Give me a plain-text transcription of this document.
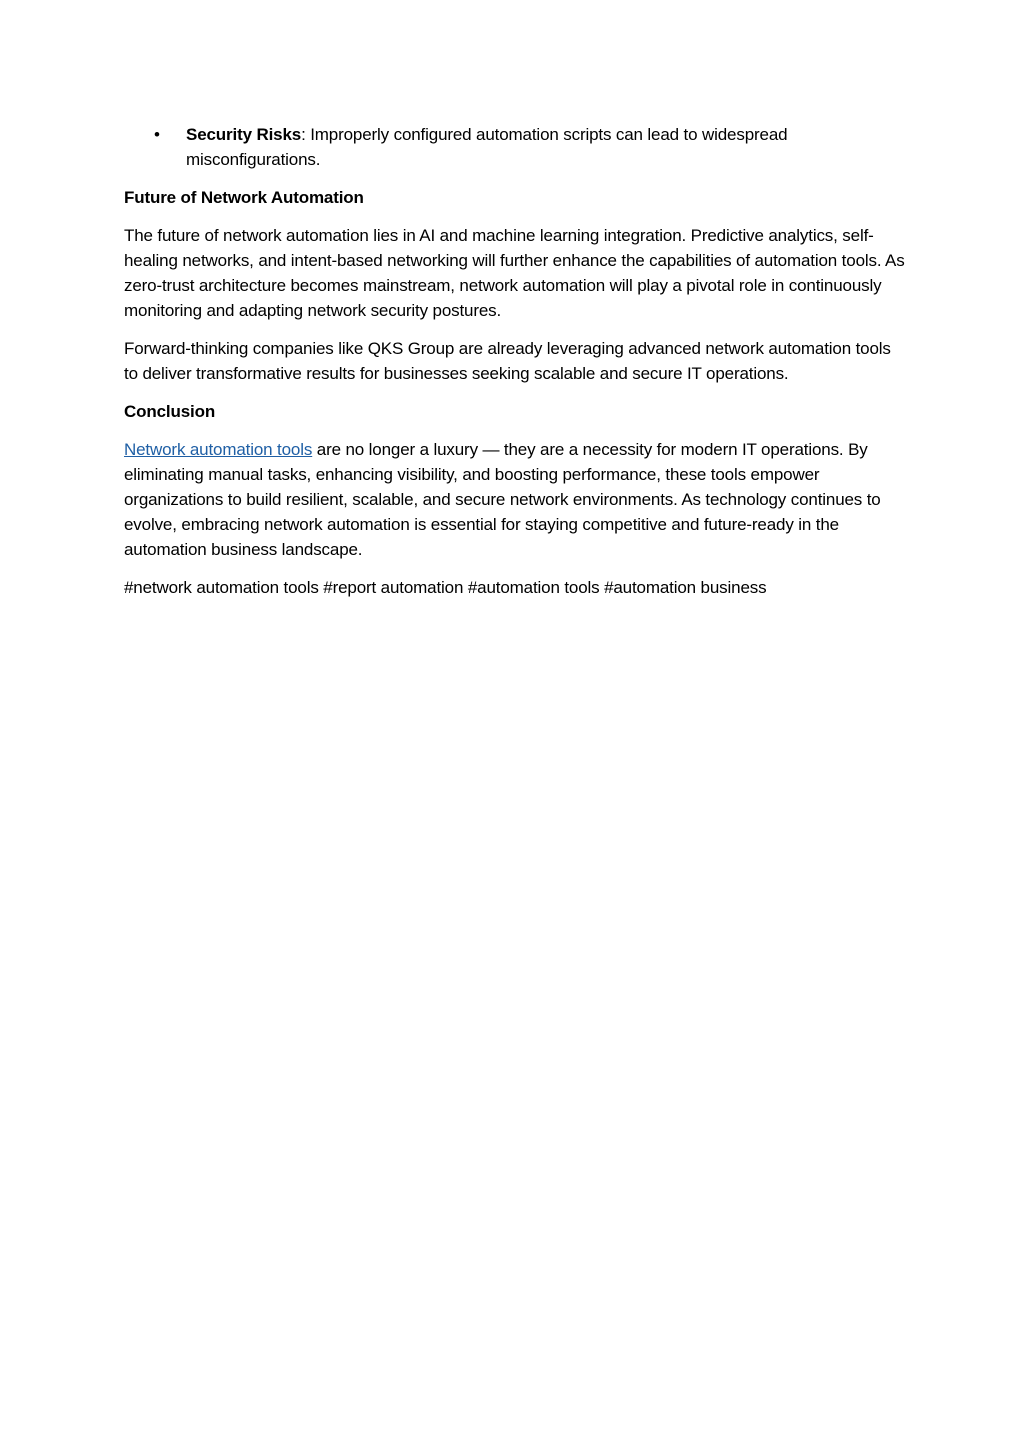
• Security Risks: Improperly configured automation scripts can lead to widespread misconfigurations.
Future of Network Automation

The future of network automation lies in AI and machine learning integration. Predictive analytics, self-healing networks, and intent-based networking will further enhance the capabilities of automation tools. As zero-trust architecture becomes mainstream, network automation will play a pivotal role in continuously monitoring and adapting network security postures.

Forward-thinking companies like QKS Group are already leveraging advanced network automation tools to deliver transformative results for businesses seeking scalable and secure IT operations.

Conclusion

Network automation tools are no longer a luxury — they are a necessity for modern IT operations. By eliminating manual tasks, enhancing visibility, and boosting performance, these tools empower organizations to build resilient, scalable, and secure network environments. As technology continues to evolve, embracing network automation is essential for staying competitive and future-ready in the automation business landscape.

#network automation tools #report automation #automation tools #automation business
